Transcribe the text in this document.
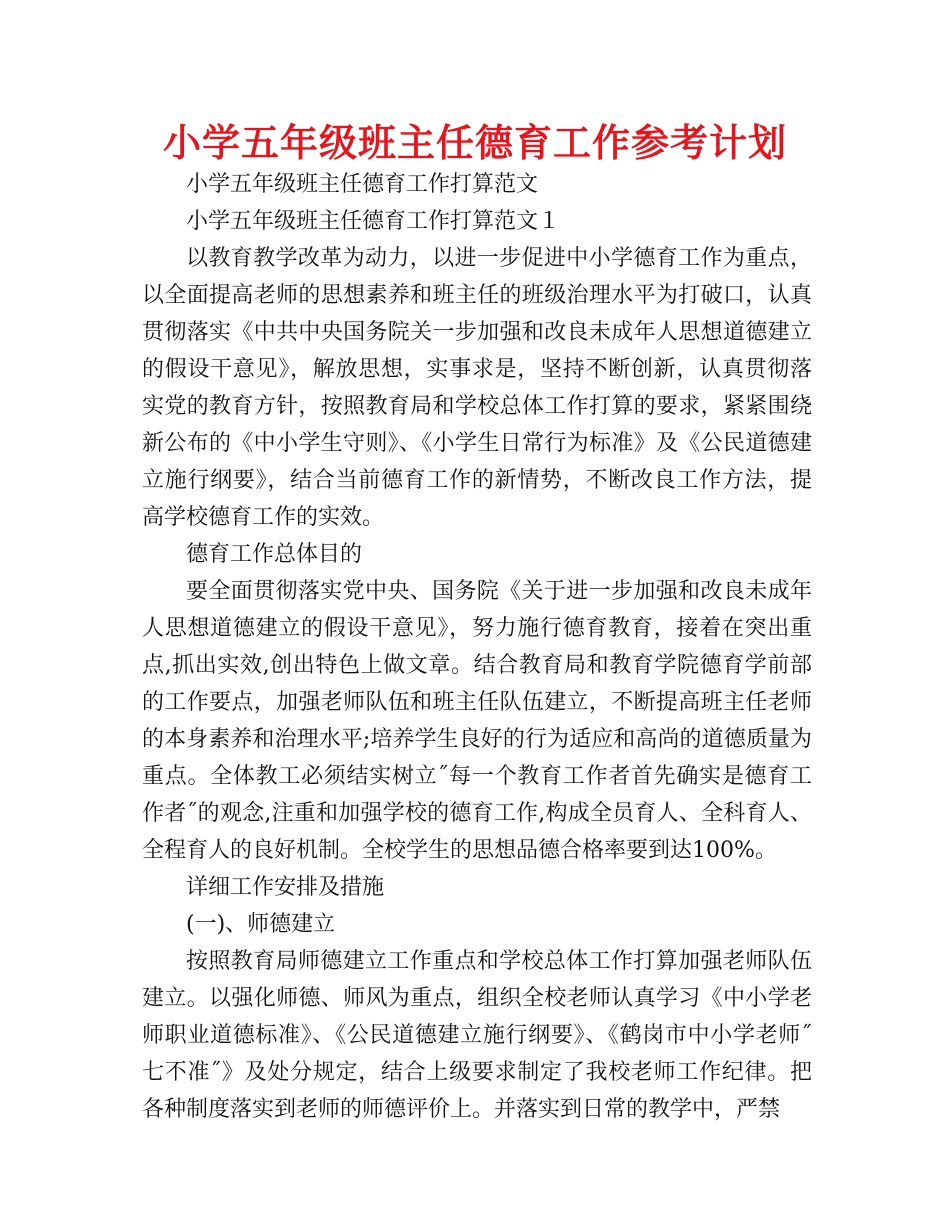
小学五年级班主任德育工作参考计划

小学五年级班主任德育工作打算范文

小学五年级班主任德育工作打算范文１

以教育教学改革为动力，以进一步促进中小学德育工作为重点，以全面提高老师的思想素养和班主任的班级治理水平为打破口，认真贯彻落实《中共中央国务院关一步加强和改良未成年人思想道德建立的假设干意见》，解放思想，实事求是，坚持不断创新，认真贯彻落实党的教育方针，按照教育局和学校总体工作打算的要求，紧紧围绕新公布的《中小学生守则》、《小学生日常行为标准》及《公民道德建立施行纲要》，结合当前德育工作的新情势，不断改良工作方法，提高学校德育工作的实效。

德育工作总体目的

要全面贯彻落实党中央、国务院《关于进一步加强和改良未成年人思想道德建立的假设干意见》，努力施行德育教育，接着在突出重点,抓出实效,创出特色上做文章。结合教育局和教育学院德育学前部的工作要点，加强老师队伍和班主任队伍建立，不断提高班主任老师的本身素养和治理水平;培养学生良好的行为适应和高尚的道德质量为重点。全体教工必须结实树立˝每一个教育工作者首先确实是德育工作者˝的观念,注重和加强学校的德育工作,构成全员育人、全科育人、全程育人的良好机制。全校学生的思想品德合格率要到达100%。

详细工作安排及措施

(一)、师德建立

按照教育局师德建立工作重点和学校总体工作打算加强老师队伍建立。以强化师德、师风为重点，组织全校老师认真学习《中小学老师职业道德标准》、《公民道德建立施行纲要》、《鹤岗市中小学老师˝七不准˝》及处分规定，结合上级要求制定了我校老师工作纪律。把各种制度落实到老师的师德评价上。并落实到日常的教学中，严禁
